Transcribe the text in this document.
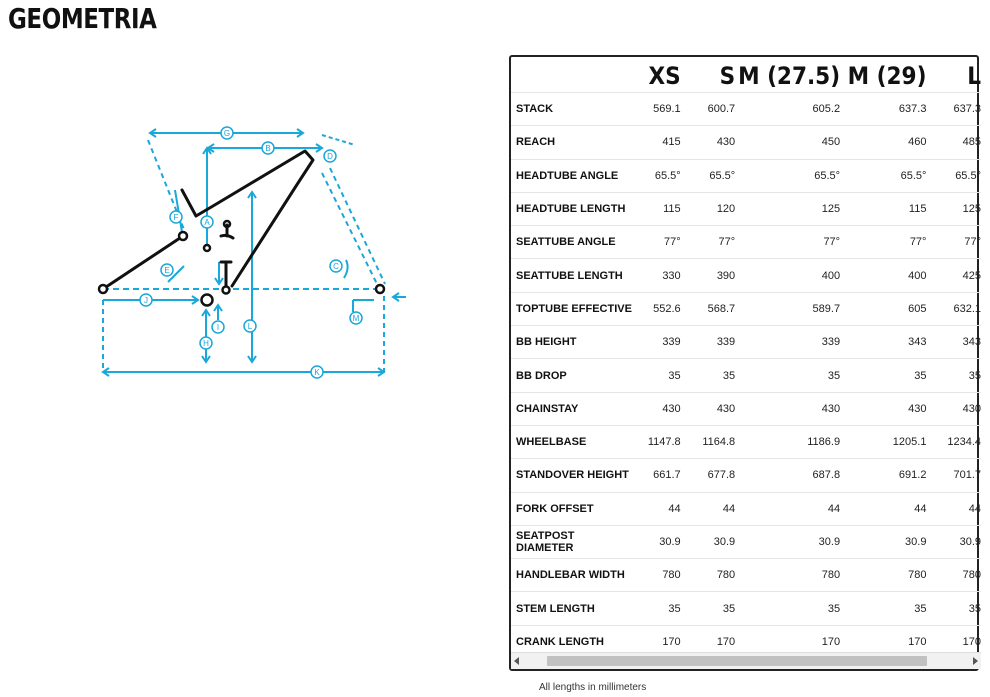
GEOMETRIA
G
B
D
F
A
E	C
J
L
I
H
M
K
	XS	S	M (27.5)	M (29)	L
STACK	569.1	600.7	605.2	637.3	637.3
REACH	415	430	450	460	485
HEADTUBE ANGLE	65.5°	65.5°	65.5°	65.5°	65.5°
HEADTUBE LENGTH	115	120	125	115	125
SEATTUBE ANGLE	77°	77°	77°	77°	77°
SEATTUBE LENGTH	330	390	400	400	425
TOPTUBE EFFECTIVE	552.6	568.7	589.7	605	632.1
BB HEIGHT	339	339	339	343	343
BB DROP	35	35	35	35	35
CHAINSTAY	430	430	430	430	430
WHEELBASE	1147.8	1164.8	1186.9	1205.1	1234.4
STANDOVER HEIGHT	661.7	677.8	687.8	691.2	701.7
FORK OFFSET	44	44	44	44	44
SEATPOST DIAMETER	30.9	30.9	30.9	30.9	30.9
HANDLEBAR WIDTH	780	780	780	780	780
STEM LENGTH	35	35	35	35	35
CRANK LENGTH	170	170	170	170	170
All lengths in millimeters
